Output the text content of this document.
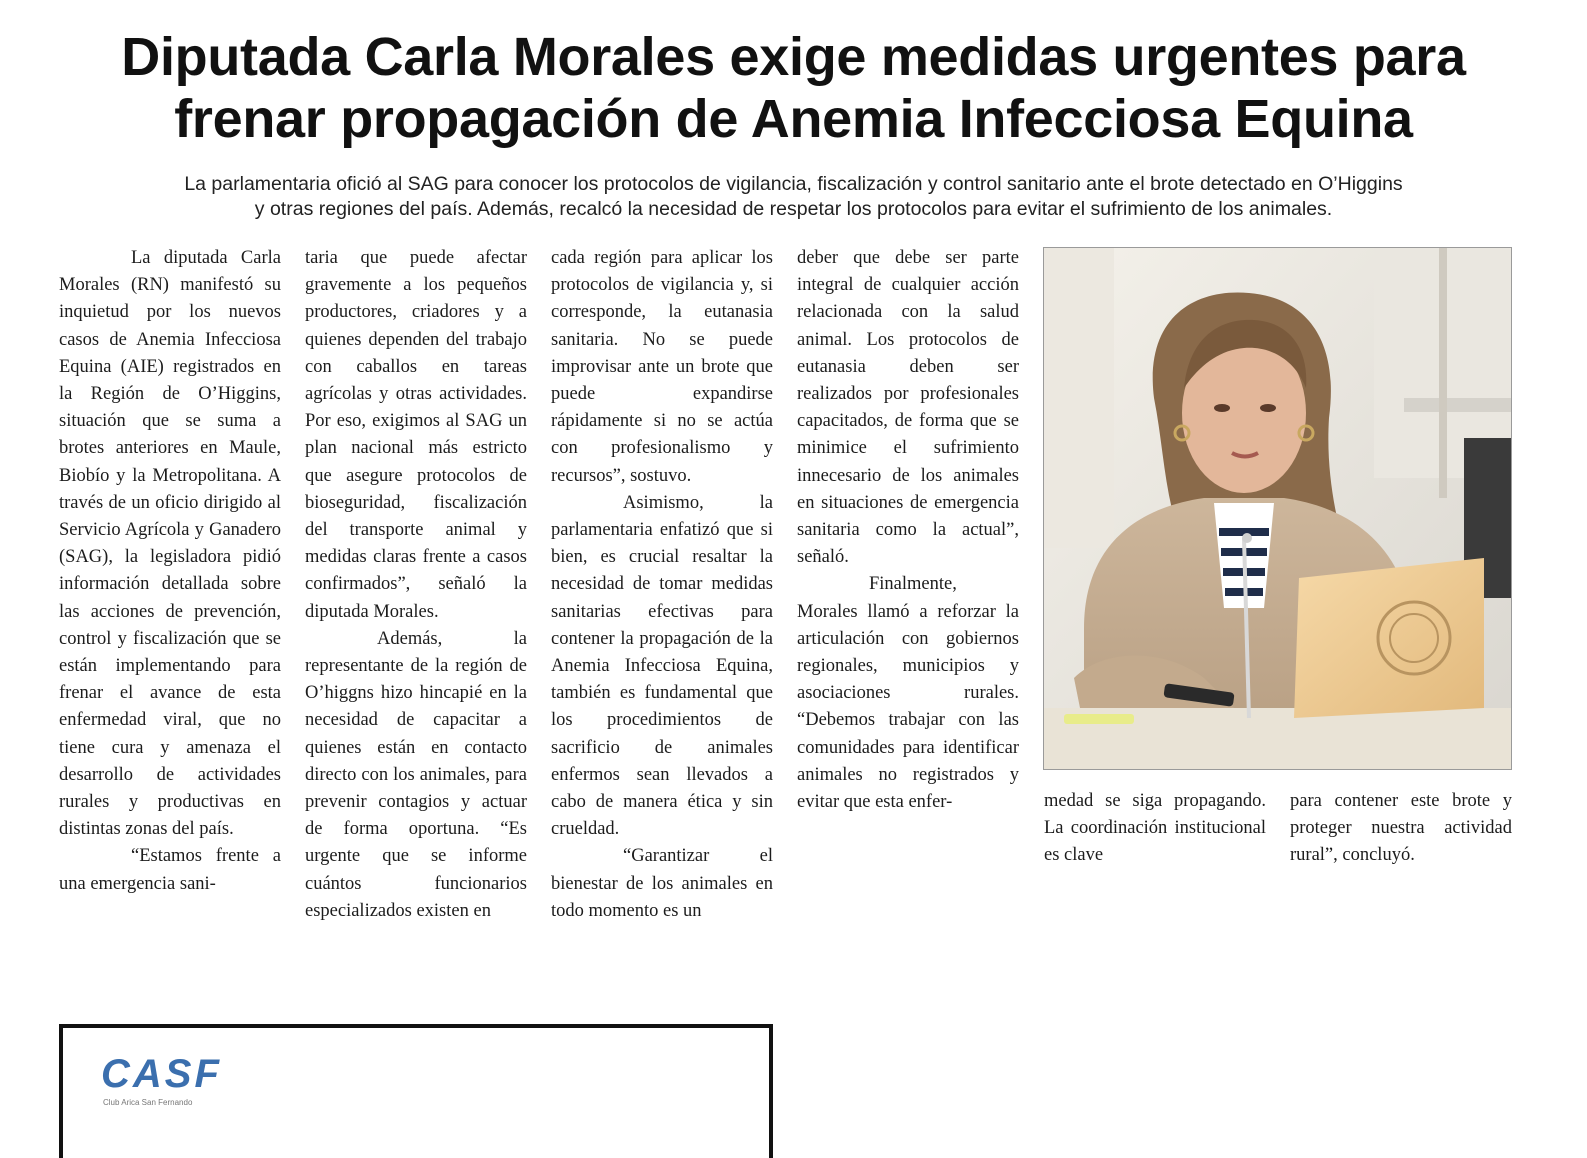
Diputada Carla Morales exige medidas urgentes para
frenar propagación de Anemia Infecciosa Equina

La parlamentaria ofició al SAG para conocer los protocolos de vigilancia, fiscalización y control sanitario ante el brote detectado en O’Higgins
y otras regiones del país. Además, recalcó la necesidad de respetar los protocolos para evitar el sufrimiento de los animales.

La diputada Carla Morales (RN) manifestó su inquietud por los nuevos casos de Anemia Infecciosa Equina (AIE) registrados en la Región de O’Higgins, situación que se suma a brotes anteriores en Maule, Biobío y la Metropolitana. A través de un oficio dirigido al Servicio Agrícola y Ganadero (SAG), la legisladora pidió información detallada sobre las acciones de prevención, control y fiscalización que se están implementando para frenar el avance de esta enfermedad viral, que no tiene cura y amenaza el desarrollo de actividades rurales y productivas en distintas zonas del país.

“Estamos frente a una emergencia sani-

taria que puede afectar gravemente a los pequeños productores, criadores y a quienes dependen del trabajo con caballos en tareas agrícolas y otras actividades. Por eso, exigimos al SAG un plan nacional más estricto que asegure protocolos de bioseguridad, fiscalización del transporte animal y medidas claras frente a casos confirmados”, señaló la diputada Morales.

Además, la representante de la región de O’higgns hizo hincapié en la necesidad de capacitar a quienes están en contacto directo con los animales, para prevenir contagios y actuar de forma oportuna. “Es urgente que se informe cuántos funcionarios especializados existen en

cada región para aplicar los protocolos de vigilancia y, si corresponde, la eutanasia sanitaria. No se puede improvisar ante un brote que puede expandirse rápidamente si no se actúa con profesionalismo y recursos”, sostuvo.

Asimismo, la parlamentaria enfatizó que si bien, es crucial resaltar la necesidad de tomar medidas sanitarias efectivas para contener la propagación de la Anemia Infecciosa Equina, también es fundamental que los procedimientos de sacrificio de animales enfermos sean llevados a cabo de manera ética y sin crueldad.

“Garantizar el bienestar de los animales en todo momento es un

deber que debe ser parte integral de cualquier acción relacionada con la salud animal. Los protocolos de eutanasia deben ser realizados por profesionales capacitados, de forma que se minimice el sufrimiento innecesario de los animales en situaciones de emergencia sanitaria como la actual”, señaló.

Finalmente, Morales llamó a reforzar la articulación con gobiernos regionales, municipios y asociaciones rurales. “Debemos trabajar con las comunidades para identificar animales no registrados y evitar que esta enfer-	medad se siga propagando. La coordinación institucional es clave

para contener este brote y proteger nuestra actividad rural”, concluyó.

CASF
Club Arica San Fernando
